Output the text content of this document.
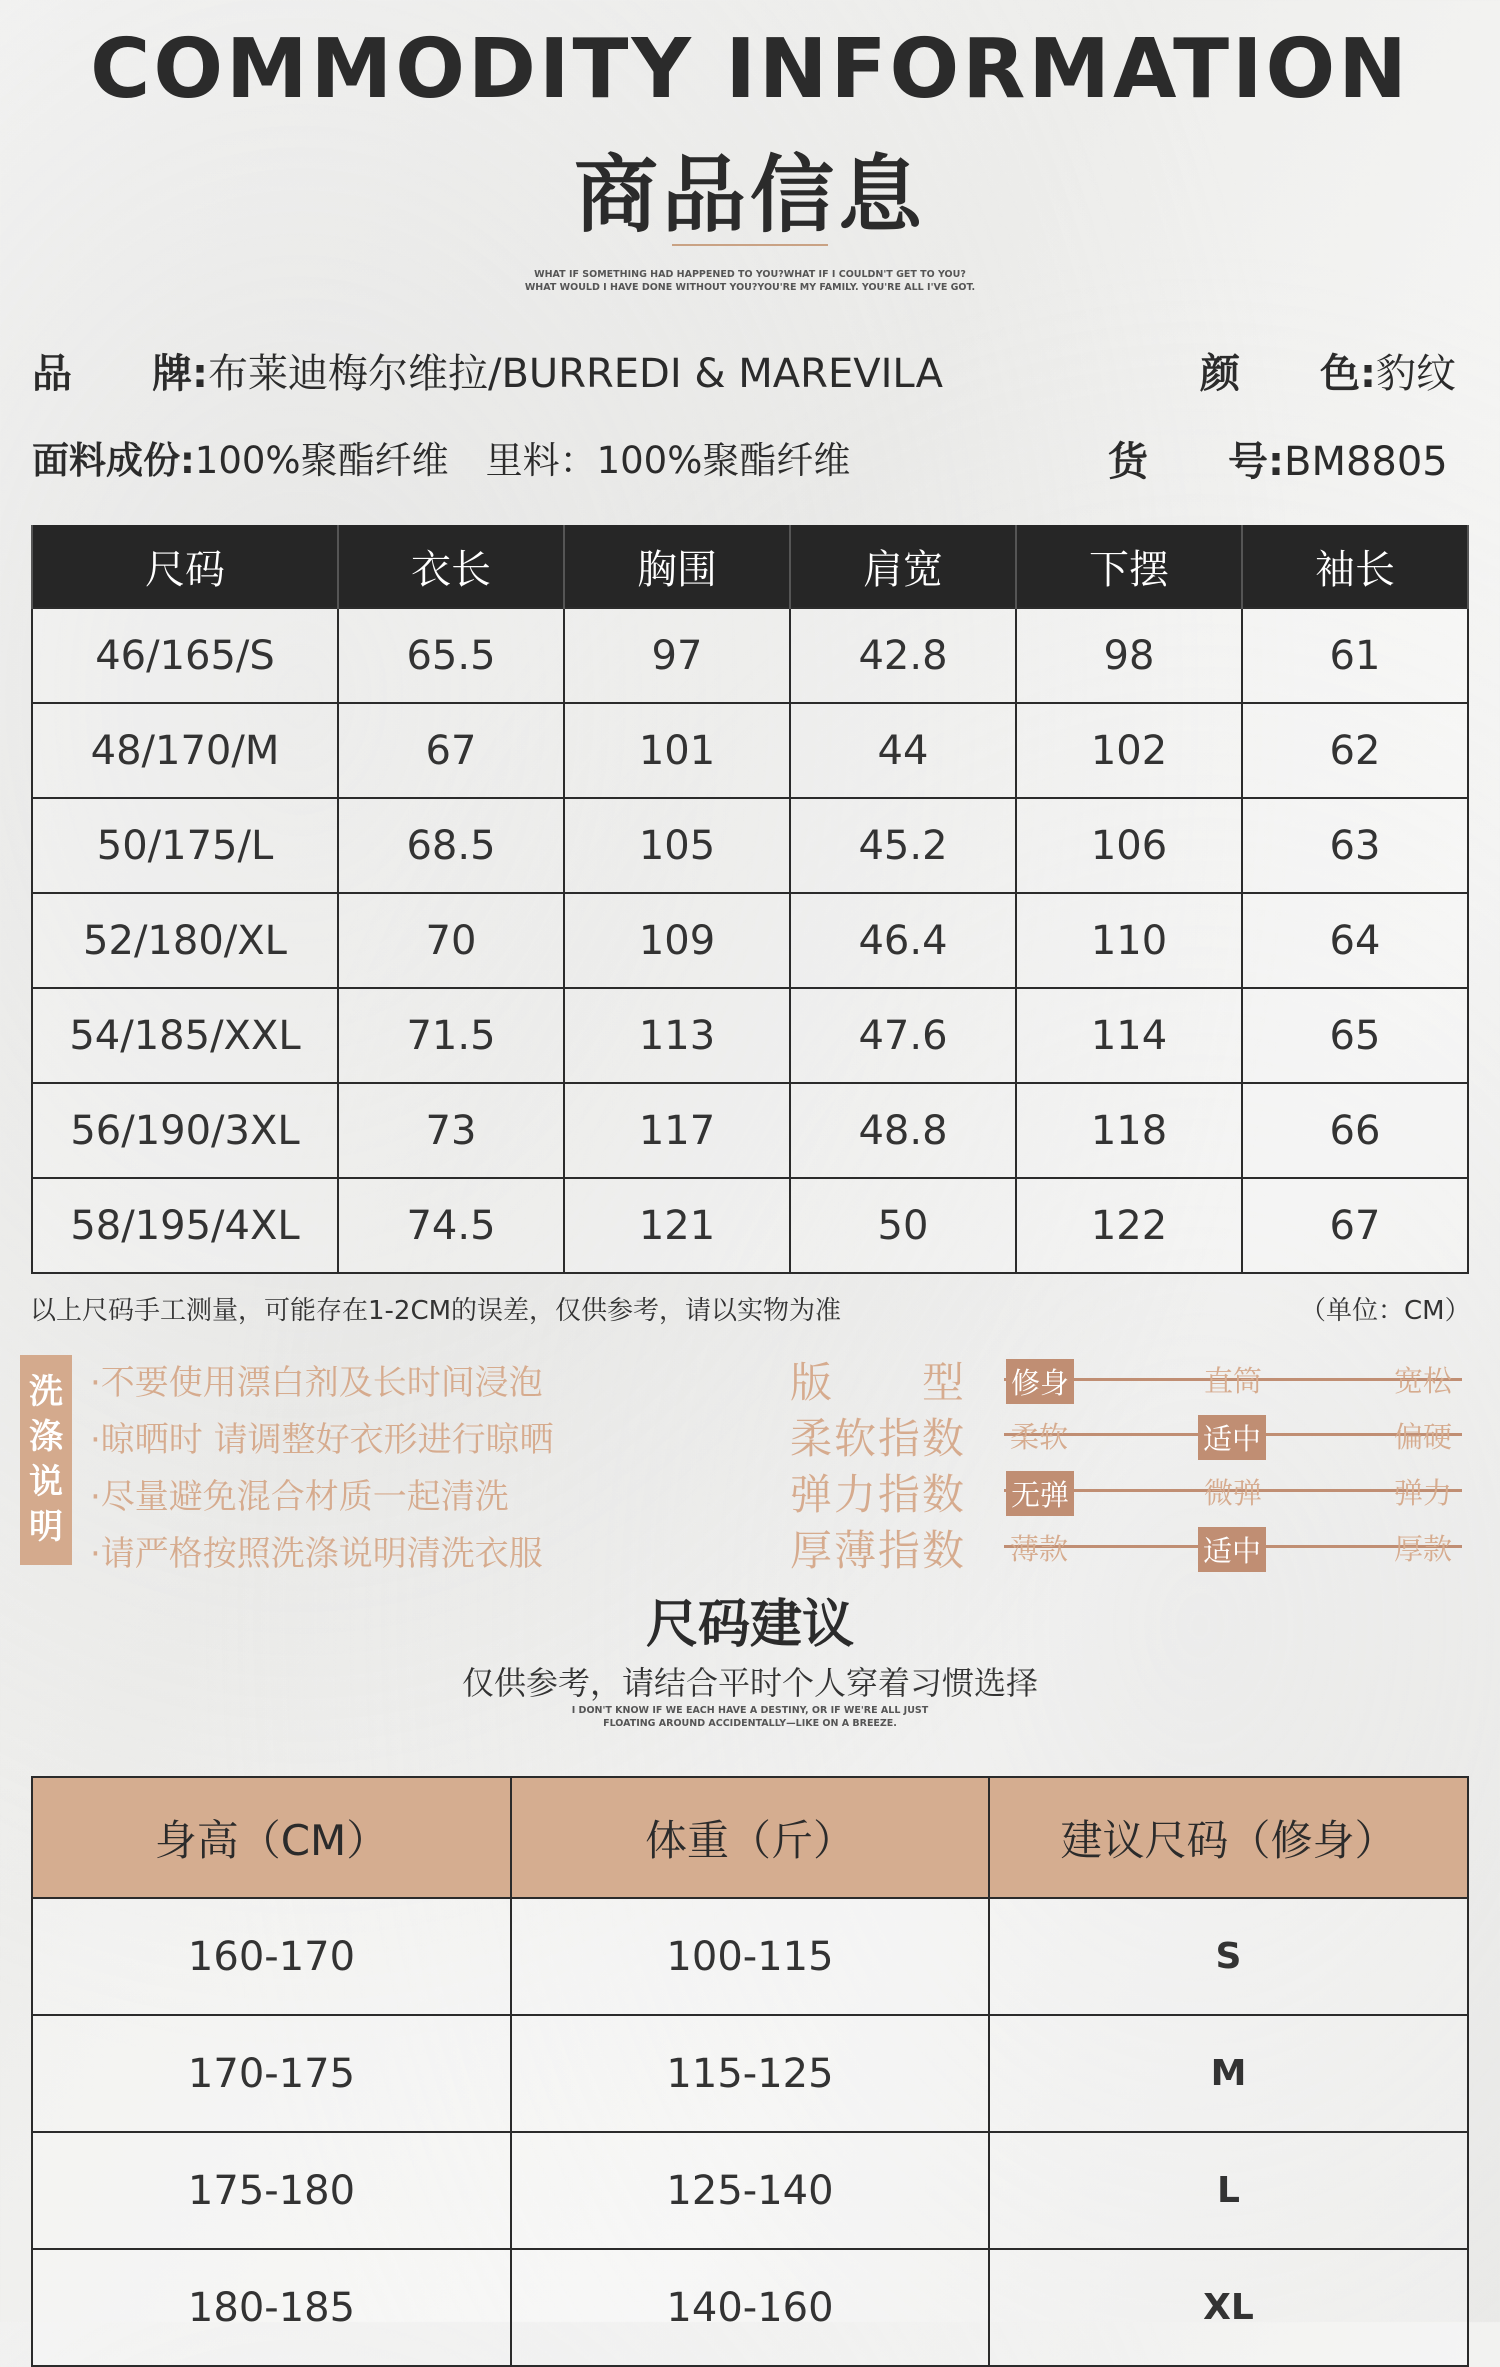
COMMODITY INFORMATION
商品信息
WHAT IF SOMETHING HAD HAPPENED TO YOU?WHAT IF I COULDN'T GET TO YOU?
WHAT WOULD I HAVE DONE WITHOUT YOU?YOU'RE MY FAMILY. YOU'RE ALL I'VE GOT.
品　　牌:布莱迪梅尔维拉/BURREDI & MAREVILA	颜　　色:豹纹
面料成份:100%聚酯纤维　里料：100%聚酯纤维	货　　号:BM8805
尺码	衣长	胸围	肩宽	下摆	袖长
46/165/S	65.5	97	42.8	98	61
48/170/M	67	101	44	102	62
50/175/L	68.5	105	45.2	106	63
52/180/XL	70	109	46.4	110	64
54/185/XXL	71.5	113	47.6	114	65
56/190/3XL	73	117	48.8	118	66
58/195/4XL	74.5	121	50	122	67
以上尺码手工测量，可能存在1-2CM的误差，仅供参考，请以实物为准	（单位：CM）
洗
涤
说
明
·不要使用漂白剂及长时间浸泡
·晾晒时 请调整好衣形进行晾晒
·尽量避免混合材质一起清洗
·请严格按照洗涤说明清洗衣服
版　　型 修身	直筒	宽松
柔软指数 柔软	适中	偏硬
弹力指数 无弹	微弹	弹力
厚薄指数 薄款	适中	厚款
尺码建议
仅供参考，请结合平时个人穿着习惯选择
I DON'T KNOW IF WE EACH HAVE A DESTINY, OR IF WE'RE ALL JUST
FLOATING AROUND ACCIDENTALLY—LIKE ON A BREEZE.
身高（CM）	体重（斤）	建议尺码（修身）
160-170	100-115	S
170-175	115-125	M
175-180	125-140	L
180-185	140-160	XL
